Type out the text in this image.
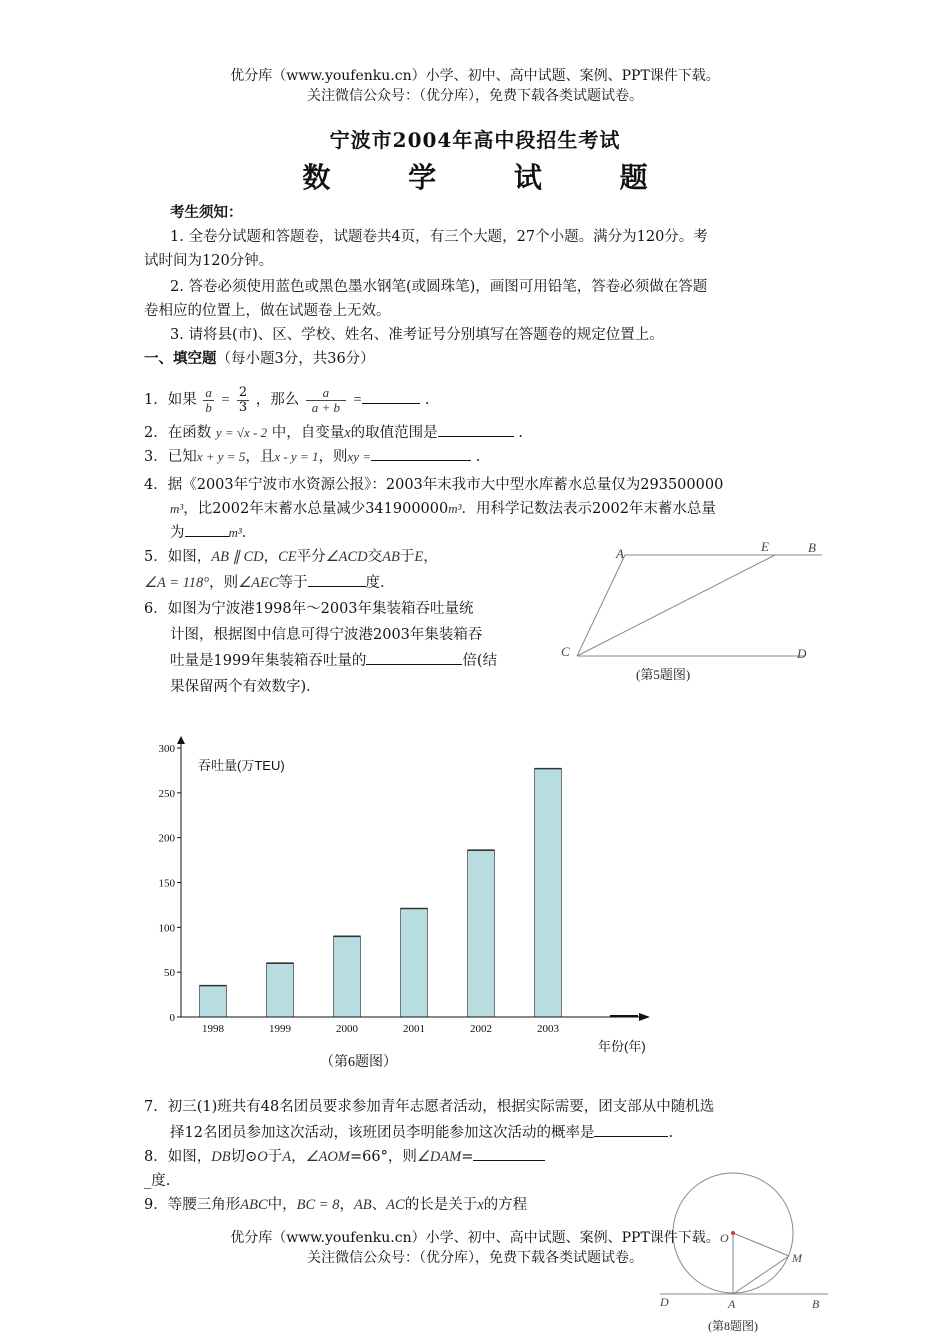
优分库（www.youfenku.cn）小学、初中、高中试题、案例、PPT课件下载。
关注微信公众号：（优分库），免费下载各类试题试卷。
宁波市2004年高中段招生考试
数 学 试 题
考生须知：
1. 全卷分试题和答题卷，试题卷共4页，有三个大题，27个小题。满分为120分。考
试时间为120分钟。
2. 答卷必须使用蓝色或黑色墨水钢笔(或圆珠笔)，画图可用铅笔，答卷必须做在答题
卷相应的位置上，做在试题卷上无效。
3. 请将县(市)、区、学校、姓名、准考证号分别填写在答题卷的规定位置上。
一、填空题（每小题3分，共36分）
1．如果 $\frac{a}{b} = \frac{2}{3}$ ，那么 $\frac{a}{a + b}$ =	.
2．在函数 y = √x - 2 中，自变量x的取值范围是	.
3．已知x + y = 5，且x - y = 1，则xy =	.
4．据《2003年宁波市水资源公报》：2003年末我市大中型水库蓄水总量仅为293500000
m³，比2002年末蓄水总量减少341900000m³．用科学记数法表示2002年末蓄水总量
为	m³．
5．如图，AB ∥ CD，CE平分∠ACD交AB于E，
∠A = 118°，则∠AEC等于	度.
6．如图为宁波港1998年～2003年集装箱吞吐量统
计图，根据图中信息可得宁波港2003年集装箱吞
吐量是1999年集装箱吞吐量的	倍(结
果保留两个有效数字)．
A	E	B
C	D
(第5题图)
0
50
100
150
200
250
300
1998	1999	2000	2001	2002	2003
吞吐量(万TEU)
年份(年)
（第6题图）
7．初三(1)班共有48名团员要求参加青年志愿者活动，根据实际需要，团支部从中随机选
择12名团员参加这次活动，该班团员李明能参加这次活动的概率是	.
8．如图，DB切⊙O于A，∠AOM=66°，则∠DAM=
_度.
9．等腰三角形ABC中，BC = 8，AB、AC的长是关于x的方程
O
M
D	A	B
(第8题图)
优分库（www.youfenku.cn）小学、初中、高中试题、案例、PPT课件下载。
关注微信公众号：（优分库），免费下载各类试题试卷。
